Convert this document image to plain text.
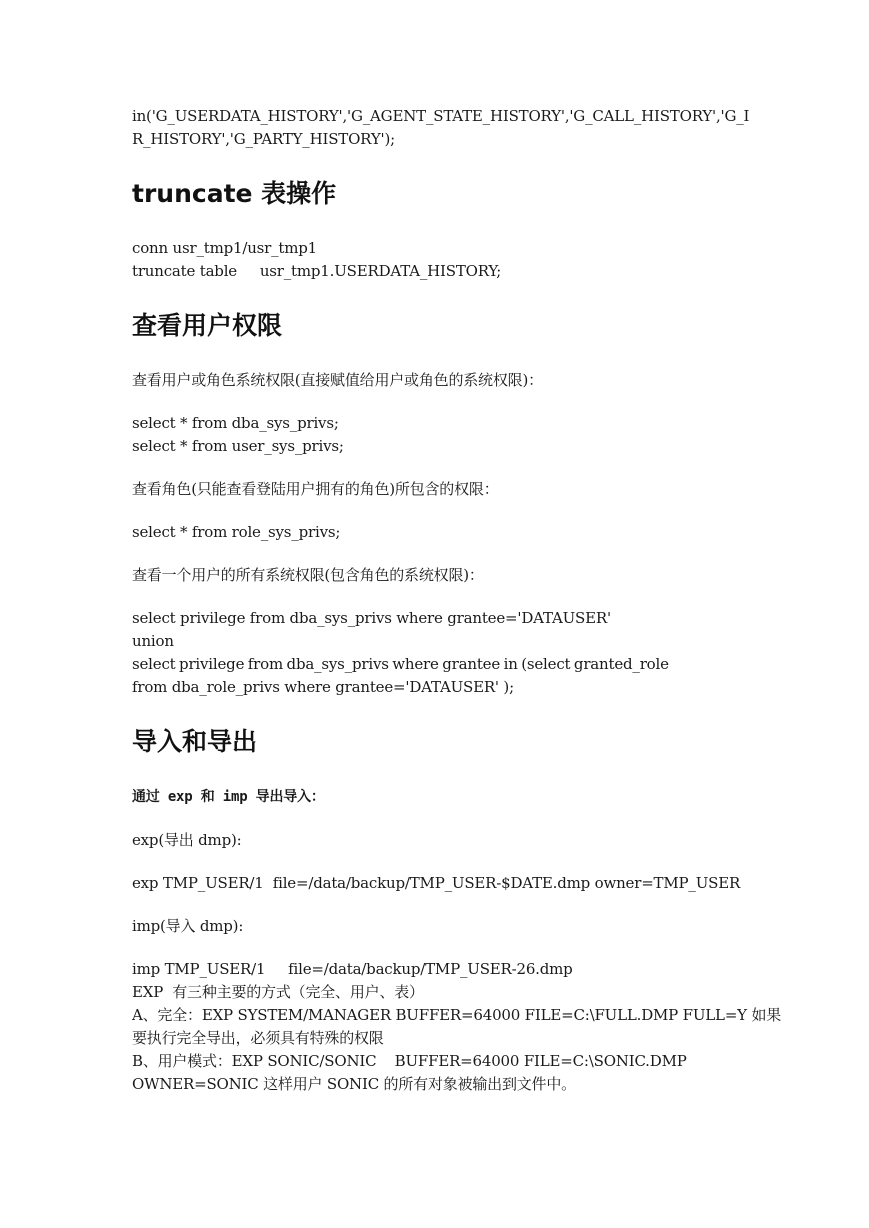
in('G_USERDATA_HISTORY','G_AGENT_STATE_HISTORY','G_CALL_HISTORY','G_I
R_HISTORY','G_PARTY_HISTORY');
truncate 表操作
conn usr_tmp1/usr_tmp1
truncate table     usr_tmp1.USERDATA_HISTORY;
查看用户权限
查看用户或角色系统权限(直接赋值给用户或角色的系统权限)：
select * from dba_sys_privs;
select * from user_sys_privs;
查看角色(只能查看登陆用户拥有的角色)所包含的权限：
select * from role_sys_privs;
查看一个用户的所有系统权限(包含角色的系统权限)：
select privilege from dba_sys_privs where grantee='DATAUSER'
union
select privilege from dba_sys_privs where grantee in (select granted_role
from dba_role_privs where grantee='DATAUSER' );
导入和导出
通过 exp 和 imp 导出导入：
exp(导出 dmp):
exp TMP_USER/1  file=/data/backup/TMP_USER-$DATE.dmp owner=TMP_USER
imp(导入 dmp):
imp TMP_USER/1     file=/data/backup/TMP_USER-26.dmp
EXP  有三种主要的方式（完全、用户、表）
A、完全：EXP SYSTEM/MANAGER BUFFER=64000 FILE=C:\FULL.DMP FULL=Y 如果
要执行完全导出，必须具有特殊的权限
B、用户模式：EXP SONIC/SONIC    BUFFER=64000 FILE=C:\SONIC.DMP
OWNER=SONIC 这样用户 SONIC 的所有对象被输出到文件中。
